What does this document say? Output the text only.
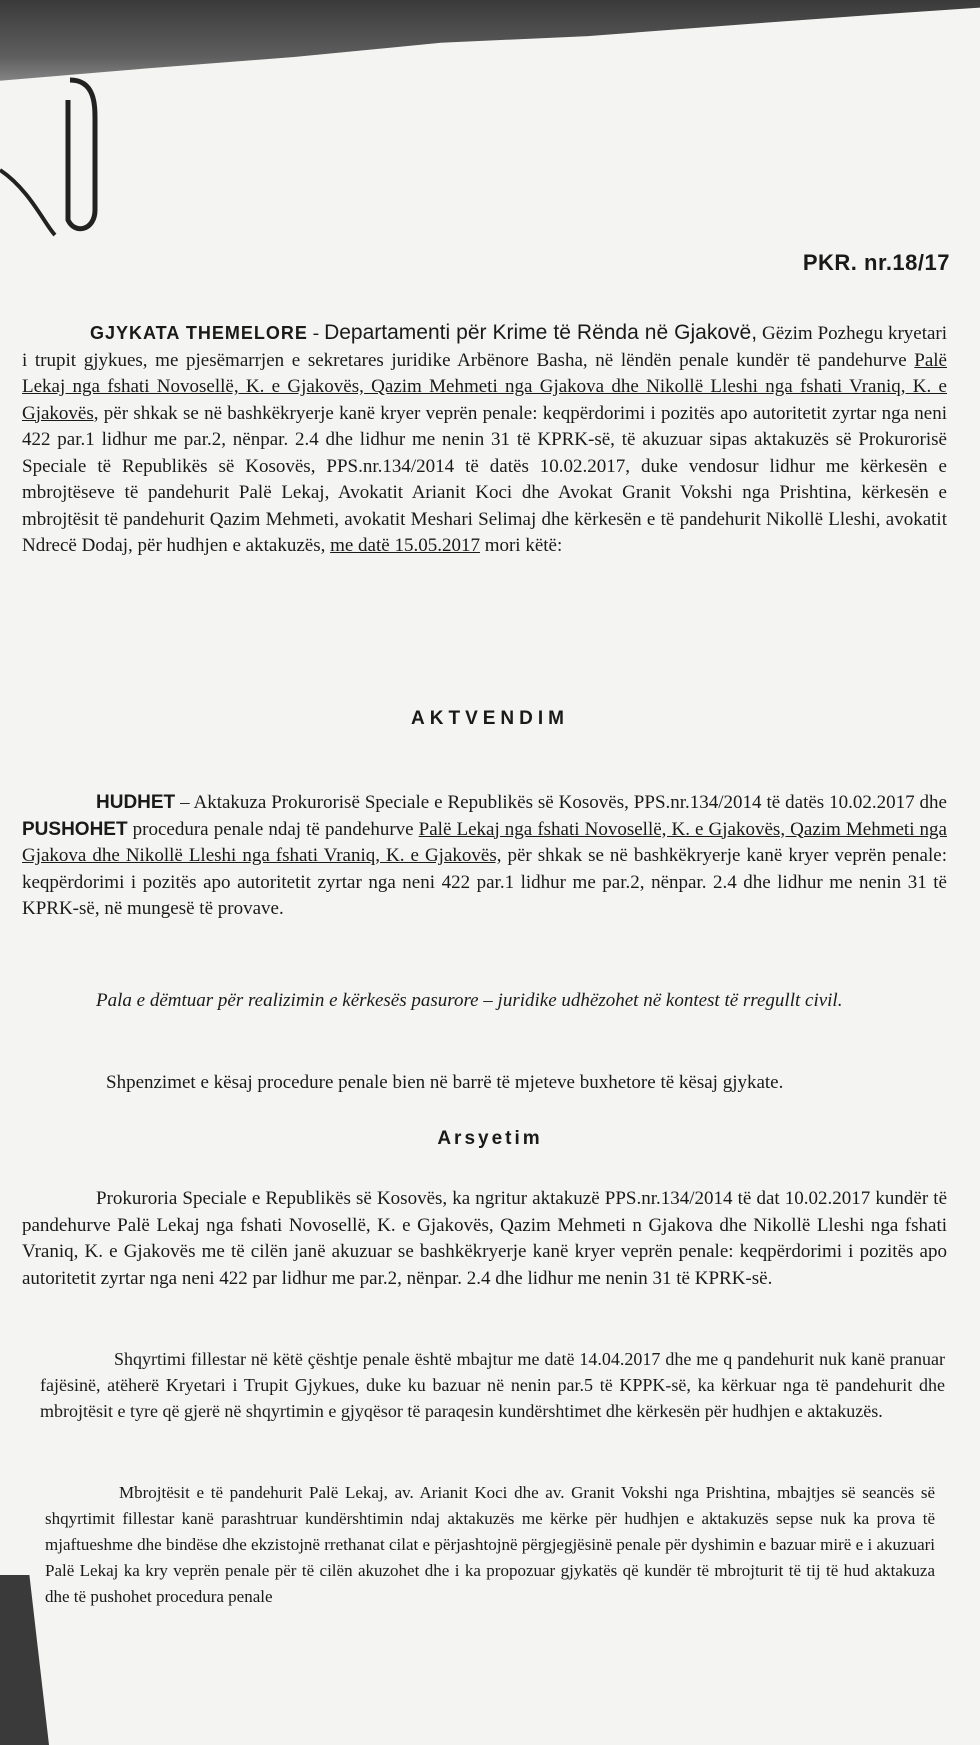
PKR. nr.18/17
GJYKATA THEMELORE - Departamenti për Krime të Rënda në Gjakovë, Gëzim Pozhegu kryetari i trupit gjykues, me pjesëmarrjen e sekretares juridike Arbënore Basha, në lëndën penale kundër të pandehurve Palë Lekaj nga fshati Novosellë, K. e Gjakovës, Qazim Mehmeti nga Gjakova dhe Nikollë Lleshi nga fshati Vraniq, K. e Gjakovës, për shkak se në bashkëkryerje kanë kryer veprën penale: keqpërdorimi i pozitës apo autoritetit zyrtar nga neni 422 par.1 lidhur me par.2, nënpar. 2.4 dhe lidhur me nenin 31 të KPRK-së, të akuzuar sipas aktakuzës së Prokurorisë Speciale të Republikës së Kosovës, PPS.nr.134/2014 të datës 10.02.2017, duke vendosur lidhur me kërkesën e mbrojtëseve të pandehurit Palë Lekaj, Avokatit Arianit Koci dhe Avokat Granit Vokshi nga Prishtina, kërkesën e mbrojtësit të pandehurit Qazim Mehmeti, avokatit Meshari Selimaj dhe kërkesën e të pandehurit Nikollë Lleshi, avokatit Ndrecë Dodaj, për hudhjen e aktakuzës, me datë 15.05.2017 mori këtë:
AKTVENDIM
HUDHET – Aktakuza Prokurorisë Speciale e Republikës së Kosovës, PPS.nr.134/2014 të datës 10.02.2017 dhe PUSHOHET procedura penale ndaj të pandehurve Palë Lekaj nga fshati Novosellë, K. e Gjakovës, Qazim Mehmeti nga Gjakova dhe Nikollë Lleshi nga fshati Vraniq, K. e Gjakovës, për shkak se në bashkëkryerje kanë kryer veprën penale: keqpërdorimi i pozitës apo autoritetit zyrtar nga neni 422 par.1 lidhur me par.2, nënpar. 2.4 dhe lidhur me nenin 31 të KPRK-së, në mungesë të provave.
Pala e dëmtuar për realizimin e kërkesës pasurore – juridike udhëzohet në kontest të rregullt civil.
Shpenzimet e kësaj procedure penale bien në barrë të mjeteve buxhetore të kësaj gjykate.
Arsyetim
Prokuroria Speciale e Republikës së Kosovës, ka ngritur aktakuzë PPS.nr.134/2014 të dat 10.02.2017 kundër të pandehurve Palë Lekaj nga fshati Novosellë, K. e Gjakovës, Qazim Mehmeti n Gjakova dhe Nikollë Lleshi nga fshati Vraniq, K. e Gjakovës me të cilën janë akuzuar se bashkëkryerje kanë kryer veprën penale: keqpërdorimi i pozitës apo autoritetit zyrtar nga neni 422 par lidhur me par.2, nënpar. 2.4 dhe lidhur me nenin 31 të KPRK-së.
Shqyrtimi fillestar në këtë çështje penale është mbajtur me datë 14.04.2017 dhe me q pandehurit nuk kanë pranuar fajësinë, atëherë Kryetari i Trupit Gjykues, duke ku bazuar në nenin par.5 të KPPK-së, ka kërkuar nga të pandehurit dhe mbrojtësit e tyre që gjerë në shqyrtimin e gjyqësor të paraqesin kundërshtimet dhe kërkesën për hudhjen e aktakuzës.
Mbrojtësit e të pandehurit Palë Lekaj, av. Arianit Koci dhe av. Granit Vokshi nga Prishtina, mbajtjes së seancës së shqyrtimit fillestar kanë parashtruar kundërshtimin ndaj aktakuzës me kërke për hudhjen e aktakuzës sepse nuk ka prova të mjaftueshme dhe bindëse dhe ekzistojnë rrethanat cilat e përjashtojnë përgjegjësinë penale për dyshimin e bazuar mirë e i akuzuari Palë Lekaj ka kry veprën penale për të cilën akuzohet dhe i ka propozuar gjykatës që kundër të mbrojturit të tij të hud aktakuza dhe të pushohet procedura penale
